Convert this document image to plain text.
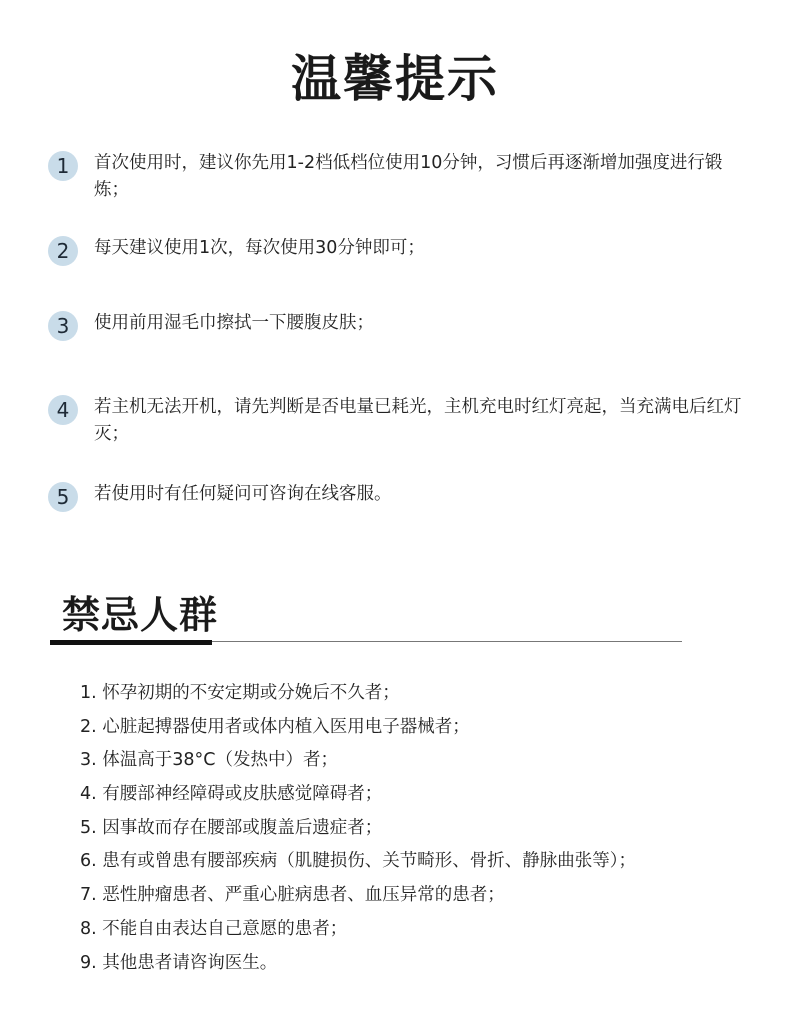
温馨提示
1	首次使用时，建议你先用1-2档低档位使用10分钟，习惯后再逐渐增加强度进行锻炼；
2	每天建议使用1次，每次使用30分钟即可；
3	使用前用湿毛巾擦拭一下腰腹皮肤；
4	若主机无法开机，请先判断是否电量已耗光，主机充电时红灯亮起，当充满电后红灯灭；
5	若使用时有任何疑问可咨询在线客服。
禁忌人群
1. 怀孕初期的不安定期或分娩后不久者；
2. 心脏起搏器使用者或体内植入医用电子器械者；
3. 体温高于38°C（发热中）者；
4. 有腰部神经障碍或皮肤感觉障碍者；
5. 因事故而存在腰部或腹盖后遗症者；
6. 患有或曾患有腰部疾病（肌腱损伤、关节畸形、骨折、静脉曲张等）；
7. 恶性肿瘤患者、严重心脏病患者、血压异常的患者；
8. 不能自由表达自己意愿的患者；
9. 其他患者请咨询医生。
